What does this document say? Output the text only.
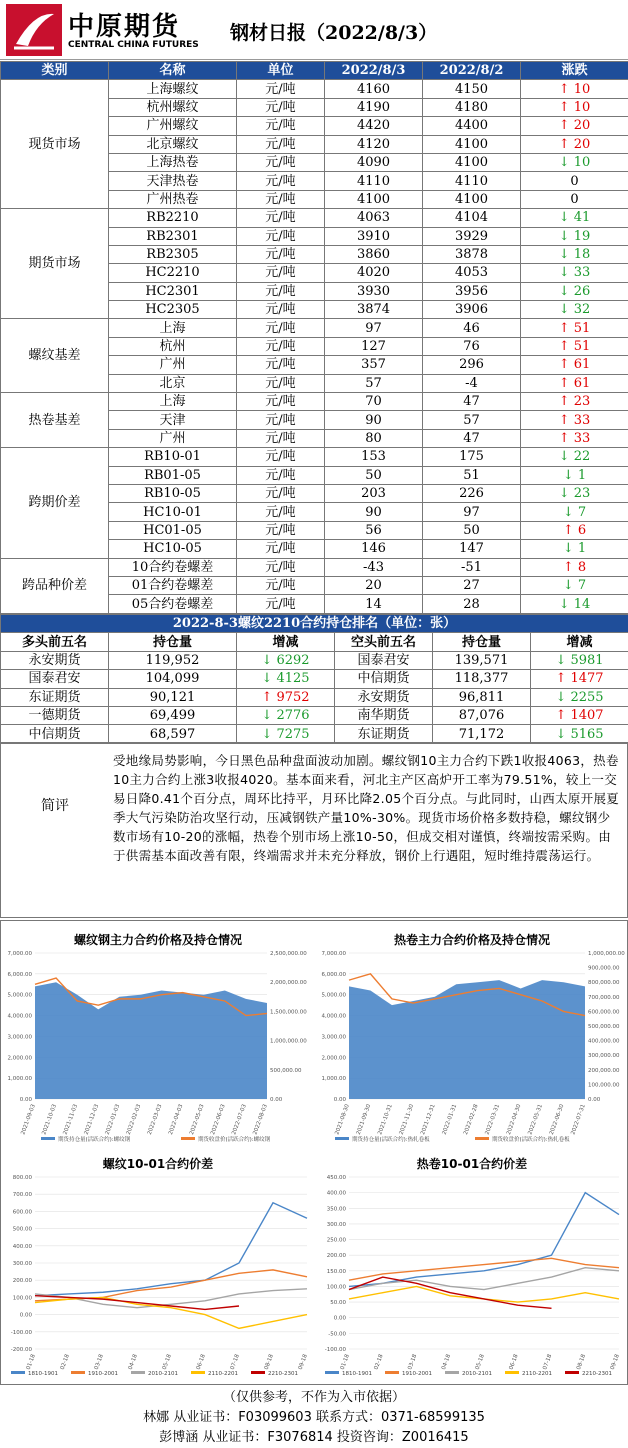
中原期货
CENTRAL CHINA FUTURES
钢材日报（2022/8/3）
类别	名称	单位	2022/8/3	2022/8/2	涨跌
现货市场	上海螺纹	元/吨	4160	4150	↑ 10
	杭州螺纹	元/吨	4190	4180	↑ 10
	广州螺纹	元/吨	4420	4400	↑ 20
	北京螺纹	元/吨	4120	4100	↑ 20
	上海热卷	元/吨	4090	4100	↓ 10
	天津热卷	元/吨	4110	4110	0
	广州热卷	元/吨	4100	4100	0
期货市场	RB2210	元/吨	4063	4104	↓ 41
	RB2301	元/吨	3910	3929	↓ 19
	RB2305	元/吨	3860	3878	↓ 18
	HC2210	元/吨	4020	4053	↓ 33
	HC2301	元/吨	3930	3956	↓ 26
	HC2305	元/吨	3874	3906	↓ 32
螺纹基差	上海	元/吨	97	46	↑ 51
	杭州	元/吨	127	76	↑ 51
	广州	元/吨	357	296	↑ 61
	北京	元/吨	57	-4	↑ 61
热卷基差	上海	元/吨	70	47	↑ 23
	天津	元/吨	90	57	↑ 33
	广州	元/吨	80	47	↑ 33
跨期价差	RB10-01	元/吨	153	175	↓ 22
	RB01-05	元/吨	50	51	↓ 1
	RB10-05	元/吨	203	226	↓ 23
	HC10-01	元/吨	90	97	↓ 7
	HC01-05	元/吨	56	50	↑ 6
	HC10-05	元/吨	146	147	↓ 1
跨品种价差	10合约卷螺差	元/吨	-43	-51	↑ 8
	01合约卷螺差	元/吨	20	27	↓ 7
	05合约卷螺差	元/吨	14	28	↓ 14
2022-8-3螺纹2210合约持仓排名（单位：张）					
多头前五名	持仓量	增减	空头前五名	持仓量	增减
永安期货	119,952	↓ 6292	国泰君安	139,571	↓ 5981
国泰君安	104,099	↓ 4125	中信期货	118,377	↑ 1477
东证期货	90,121	↑ 9752	永安期货	96,811	↓ 2255
一德期货	69,499	↓ 2776	南华期货	87,076	↑ 1407
中信期货	68,597	↓ 7275	东证期货	71,172	↓ 5165
简评
受地缘局势影响，今日黑色品种盘面波动加剧。螺纹钢10主力合约下跌1收报4063，热卷10主力合约上涨3收报4020。基本面来看，河北主产区高炉开工率为79.51%，较上一交易日降0.41个百分点，周环比持平，月环比降2.05个百分点。与此同时，山西太原开展夏季大气污染防治攻坚行动，压减钢铁产量10%-30%。现货市场价格多数持稳，螺纹钢少数市场有10-20的涨幅，热卷个别市场上涨10-50，但成交相对谨慎，终端按需采购。由于供需基本面改善有限，终端需求并未充分释放，钢价上行遇阻，短时维持震荡运行。
螺纹钢主力合约价格及持仓情况	热卷主力合约价格及持仓情况
螺纹10-01合约价差	热卷10-01合约价差
0.00
1,000.00
2,000.00
3,000.00
4,000.00
5,000.00
6,000.00
7,000.00
0.00
500,000.00
1,000,000.00
1,500,000.00
2,000,000.00
2,500,000.00
2021-09-03 2021-10-03 2021-11-03 2021-12-03 2022-01-03 2022-02-03 2022-03-03 2022-04-03 2022-05-03 2022-06-03 2022-07-03 2022-08-03
期货持仓量(活跃合约):螺纹钢	期货收盘价(活跃合约):螺纹钢
0.00
1,000.00
2,000.00
3,000.00
4,000.00
5,000.00
6,000.00
7,000.00
0.00
100,000.00
200,000.00
300,000.00
400,000.00
500,000.00
600,000.00
700,000.00
800,000.00
900,000.00
1,000,000.00
2021-08-30 2021-09-30 2021-10-31 2021-11-30 2021-12-31 2022-01-31 2022-02-28 2022-03-31 2022-04-30 2022-05-31 2022-06-30 2022-07-31
期货持仓量(活跃合约):热轧卷板	期货收盘价(活跃合约):热轧卷板
-200.00
-100.00
0.00
100.00
200.00
300.00
400.00
500.00
600.00
700.00
800.00
01-18	02-18	03-18	04-18	05-18	06-18	07-18	08-18	09-18
1810-1901	1910-2001	2010-2101	2110-2201	2210-2301
-100.00
-50.00
0.00
50.00
100.00
150.00
200.00
250.00
300.00
350.00
400.00
450.00
01-18	02-18	03-18	04-18	05-18	06-18	07-18	08-18	09-18
1810-1901	1910-2001	2010-2101	2110-2201	2210-2301
（仅供参考，不作为入市依据）
林娜 从业证书：F03099603 联系方式：0371-68599135
彭博涵 从业证书：F3076814 投资咨询：Z0016415
